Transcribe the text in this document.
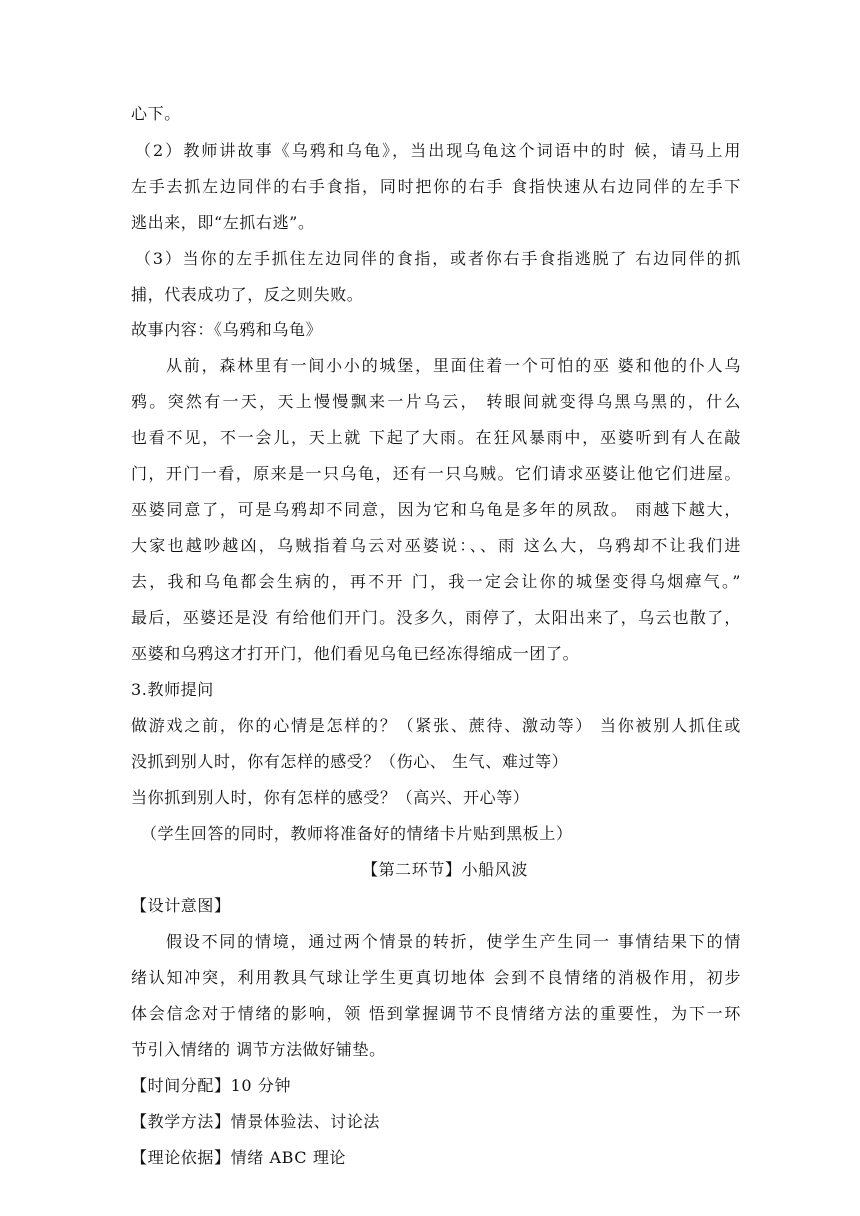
心下。
（2）教师讲故事《乌鸦和乌龟》，当出现乌龟这个词语中的时 候，请马上用
左手去抓左边同伴的右手食指，同时把你的右手 食指快速从右边同伴的左手下
逃出来，即“左抓右逃”。
（3）当你的左手抓住左边同伴的食指，或者你右手食指逃脱了 右边同伴的抓
捕，代表成功了，反之则失败。
故事内容：《乌鸦和乌龟》
从前，森林里有一间小小的城堡，里面住着一个可怕的巫 婆和他的仆人乌
鸦。突然有一天，天上慢慢飘来一片乌云， 转眼间就变得乌黑乌黑的，什么
也看不见，不一会儿，天上就 下起了大雨。在狂风暴雨中，巫婆听到有人在敲
门，开门一看，原来是一只乌龟，还有一只乌贼。它们请求巫婆让他它们进屋。
巫婆同意了，可是乌鸦却不同意，因为它和乌龟是多年的夙敌。 雨越下越大，
大家也越吵越凶，乌贼指着乌云对巫婆说：、、雨 这么大，乌鸦却不让我们进
去，我和乌龟都会生病的，再不开 门，我一定会让你的城堡变得乌烟瘴气。”
最后，巫婆还是没 有给他们开门。没多久，雨停了，太阳出来了，乌云也散了，
巫婆和乌鸦这才打开门，他们看见乌龟已经冻得缩成一团了。
3.教师提问
做游戏之前，你的心情是怎样的？（紧张、蔗待、激动等） 当你被别人抓住或
没抓到别人时，你有怎样的感受？（伤心、 生气、难过等）
当你抓到别人时，你有怎样的感受？（高兴、开心等）
（学生回答的同时，教师将准备好的情绪卡片贴到黑板上）
【第二环节】小船风波
【设计意图】
假设不同的情境，通过两个情景的转折，使学生产生同一 事情结果下的情
绪认知冲突，利用教具气球让学生更真切地体 会到不良情绪的消极作用，初步
体会信念对于情绪的影响，领 悟到掌握调节不良情绪方法的重要性，为下一环
节引入情绪的 调节方法做好铺垫。
【时间分配】10 分钟
【教学方法】情景体验法、讨论法
【理论依据】情绪 ABC 理论
